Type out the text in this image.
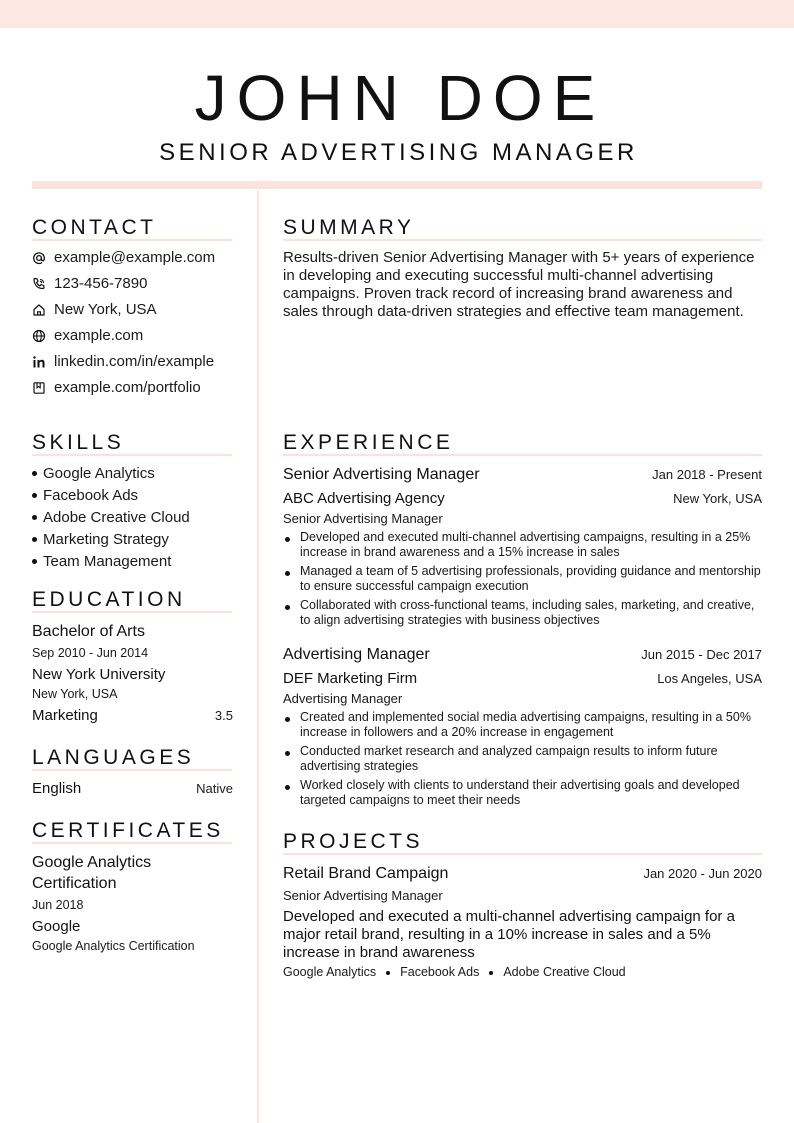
JOHN DOE
SENIOR ADVERTISING MANAGER
CONTACT
example@example.com
123-456-7890
New York, USA
example.com
linkedin.com/in/example
example.com/portfolio
SUMMARY
Results-driven Senior Advertising Manager with 5+ years of experience in developing and executing successful multi-channel advertising campaigns. Proven track record of increasing brand awareness and sales through data-driven strategies and effective team management.
SKILLS
Google Analytics
Facebook Ads
Adobe Creative Cloud
Marketing Strategy
Team Management
EDUCATION
Bachelor of Arts
Sep 2010 - Jun 2014
New York University
New York, USA
Marketing	3.5
LANGUAGES
English	Native
CERTIFICATES
Google Analytics
Certification
Jun 2018
Google
Google Analytics Certification
EXPERIENCE
Senior Advertising Manager	Jan 2018 - Present
ABC Advertising Agency	New York, USA
Senior Advertising Manager
Developed and executed multi-channel advertising campaigns, resulting in a 25% increase in brand awareness and a 15% increase in sales
Managed a team of 5 advertising professionals, providing guidance and mentorship to ensure successful campaign execution
Collaborated with cross-functional teams, including sales, marketing, and creative, to align advertising strategies with business objectives
Advertising Manager	Jun 2015 - Dec 2017
DEF Marketing Firm	Los Angeles, USA
Advertising Manager
Created and implemented social media advertising campaigns, resulting in a 50% increase in followers and a 20% increase in engagement
Conducted market research and analyzed campaign results to inform future advertising strategies
Worked closely with clients to understand their advertising goals and developed targeted campaigns to meet their needs
PROJECTS
Retail Brand Campaign	Jan 2020 - Jun 2020
Senior Advertising Manager
Developed and executed a multi-channel advertising campaign for a major retail brand, resulting in a 10% increase in sales and a 5% increase in brand awareness
Google Analytics Facebook Ads Adobe Creative Cloud
